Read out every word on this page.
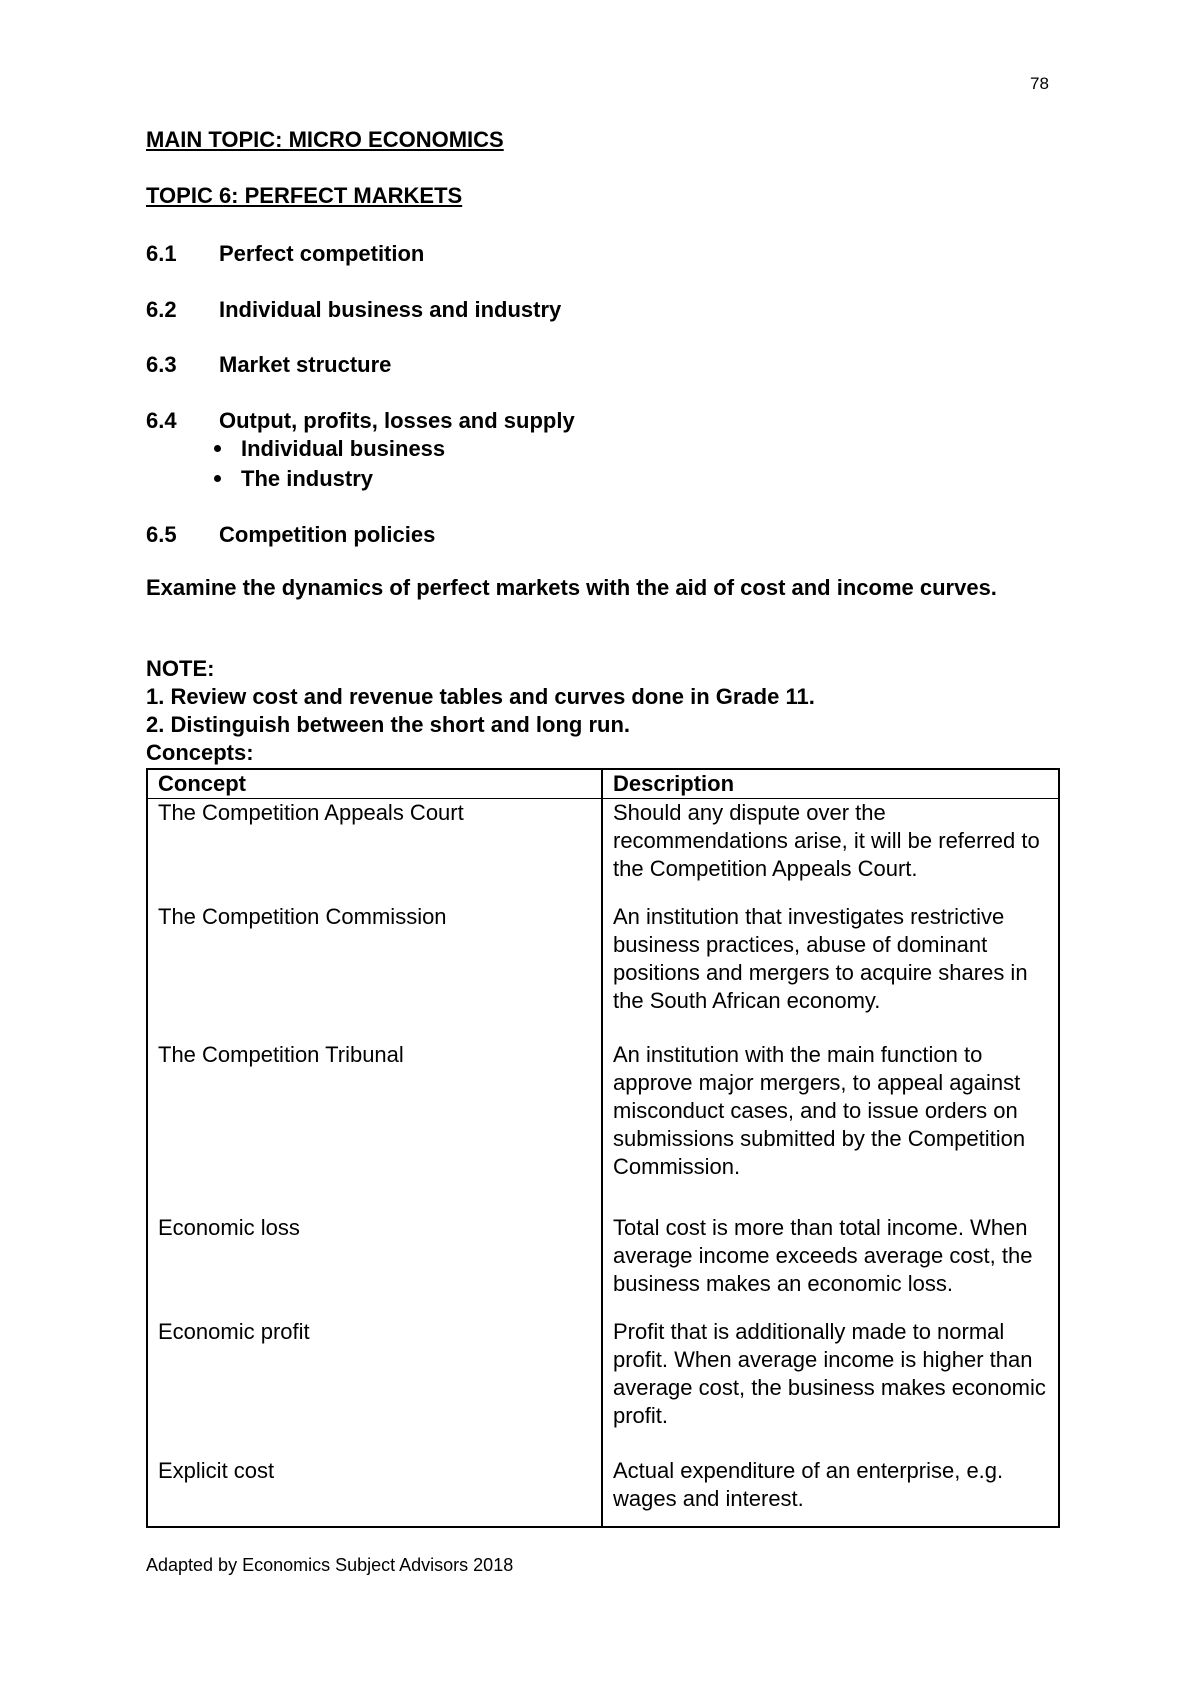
78
MAIN TOPIC: MICRO ECONOMICS
TOPIC 6: PERFECT MARKETS
6.1 Perfect competition
6.2 Individual business and industry
6.3 Market structure
6.4 Output, profits, losses and supply
Individual business
The industry
6.5 Competition policies
Examine the dynamics of perfect markets with the aid of cost and income curves.
NOTE:
1. Review cost and revenue tables and curves done in Grade 11.
2. Distinguish between the short and long run.
Concepts:
Concept	Description
The Competition Appeals Court	Should any dispute over the recommendations arise, it will be referred to the Competition Appeals Court.
The Competition Commission	An institution that investigates restrictive business practices, abuse of dominant positions and mergers to acquire shares in the South African economy.
The Competition Tribunal	An institution with the main function to approve major mergers, to appeal against misconduct cases, and to issue orders on submissions submitted by the Competition Commission.
Economic loss	Total cost is more than total income. When average income exceeds average cost, the business makes an economic loss.
Economic profit	Profit that is additionally made to normal profit. When average income is higher than average cost, the business makes economic profit.
Explicit cost	Actual expenditure of an enterprise, e.g. wages and interest.

Adapted by Economics Subject Advisors 2018
